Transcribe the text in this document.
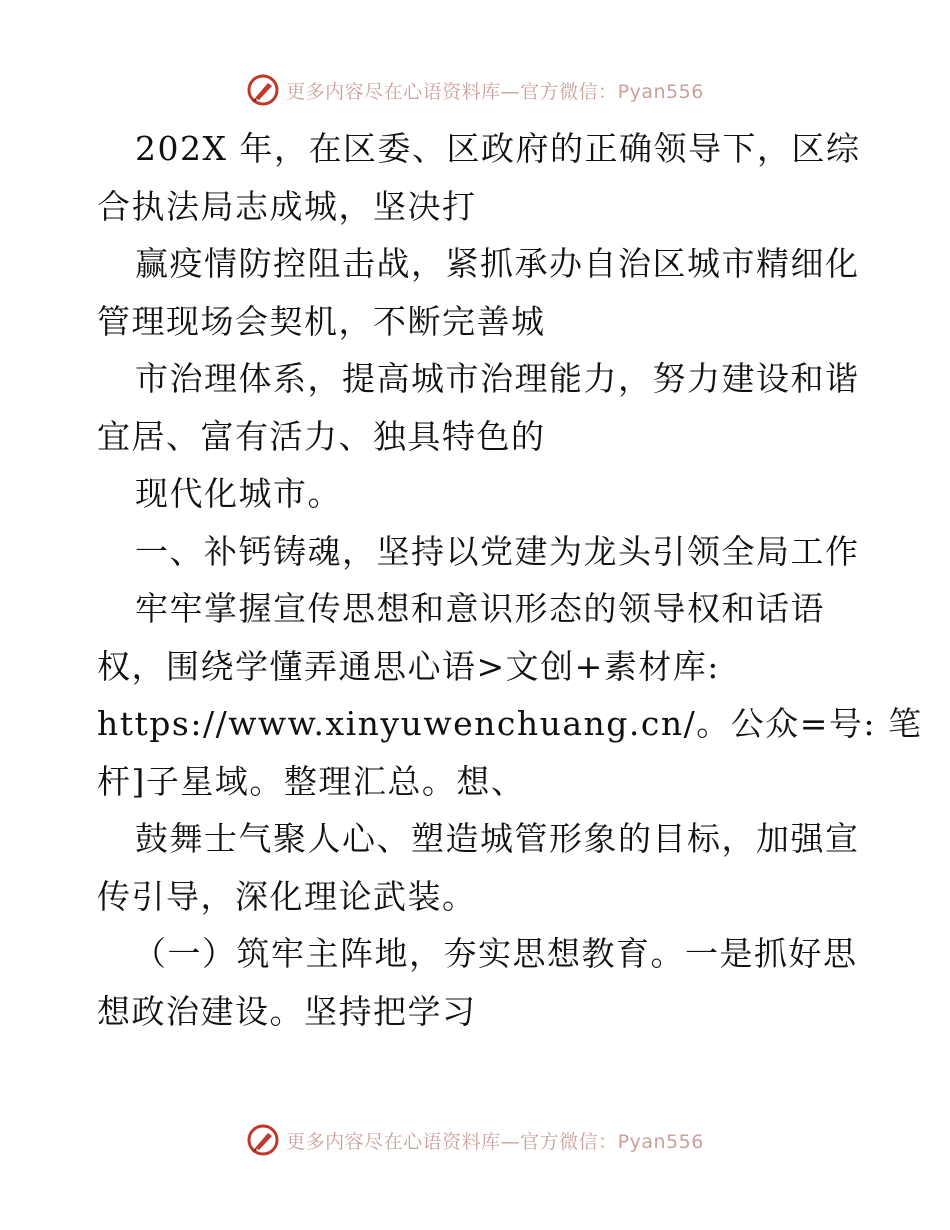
更多内容尽在心语资料库—官方微信：Pyan556
202X 年，在区委、区政府的正确领导下，区综
合执法局志成城，坚决打
赢疫情防控阻击战，紧抓承办自治区城市精细化
管理现场会契机，不断完善城
市治理体系，提高城市治理能力，努力建设和谐
宜居、富有活力、独具特色的
现代化城市。
一、补钙铸魂，坚持以党建为龙头引领全局工作
牢牢掌握宣传思想和意识形态的领导权和话语
权，围绕学懂弄通思心语>文创+素材库:
https://www.xinyuwenchuang.cn/。公众=号: 笔
杆]子星域。整理汇总。想、
鼓舞士气聚人心、塑造城管形象的目标，加强宣
传引导，深化理论武装。
（一）筑牢主阵地，夯实思想教育。一是抓好思
想政治建设。坚持把学习
更多内容尽在心语资料库—官方微信：Pyan556
